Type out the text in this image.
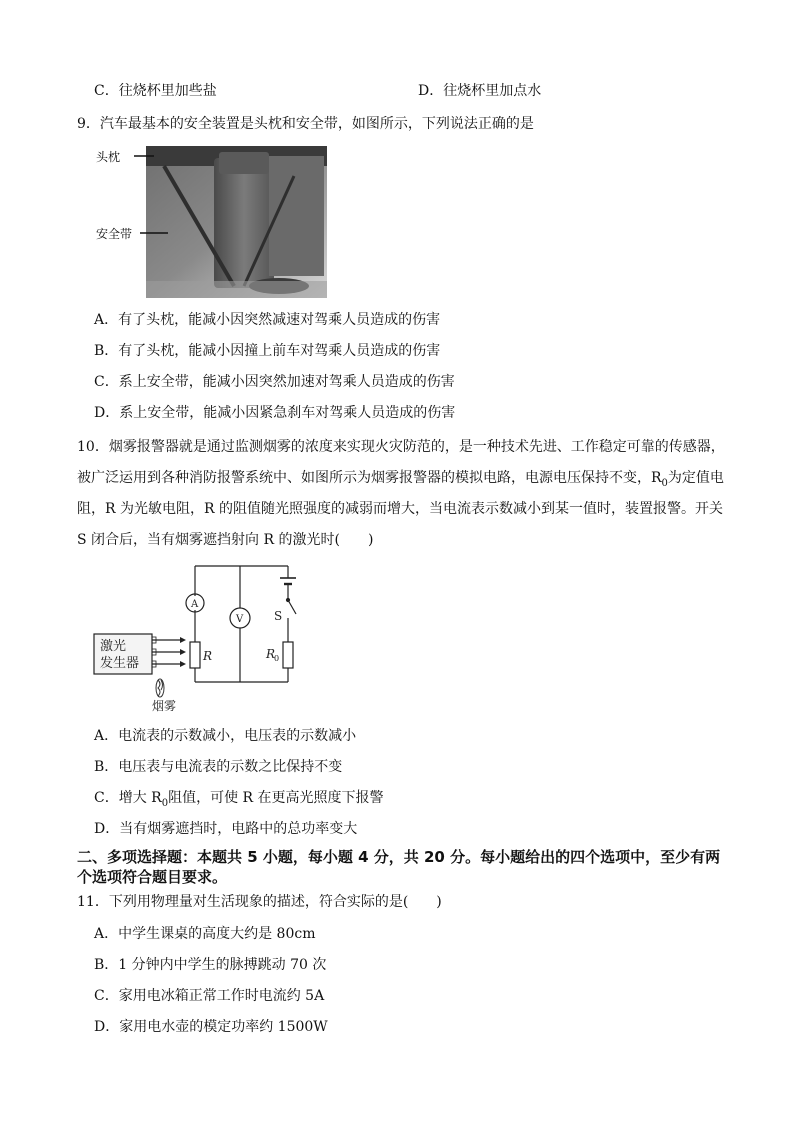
C．往烧杯里加些盐	D．往烧杯里加点水
9．汽车最基本的安全装置是头枕和安全带，如图所示，下列说法正确的是
头枕
安全带
A．有了头枕，能减小因突然减速对驾乘人员造成的伤害
B．有了头枕，能减小因撞上前车对驾乘人员造成的伤害
C．系上安全带，能减小因突然加速对驾乘人员造成的伤害
D．系上安全带，能减小因紧急刹车对驾乘人员造成的伤害
10．烟雾报警器就是通过监测烟雾的浓度来实现火灾防范的，是一种技术先进、工作稳定可靠的传感器，
被广泛运用到各种消防报警系统中、如图所示为烟雾报警器的模拟电路，电源电压保持不变，$R_0$为定值电
阻，R 为光敏电阻，R 的阻值随光照强度的减弱而增大，当电流表示数减小到某一值时，装置报警。开关
S 闭合后，当有烟雾遮挡射向 R 的激光时(　　)
激光
发生器
A
V
R	R
0
S
烟雾
A．电流表的示数减小，电压表的示数减小
B．电压表与电流表的示数之比保持不变
C．增大 $R_0$阻值，可使 R 在更高光照度下报警
D．当有烟雾遮挡时，电路中的总功率变大
二、多项选择题：本题共 5 小题，每小题 4 分，共 20 分。每小题给出的四个选项中，至少有两
个选项符合题目要求。
11．下列用物理量对生活现象的描述，符合实际的是(　　)
A．中学生课桌的高度大约是 80cm
B．1 分钟内中学生的脉搏跳动 70 次
C．家用电冰箱正常工作时电流约 5A
D．家用电水壶的模定功率约 1500W
